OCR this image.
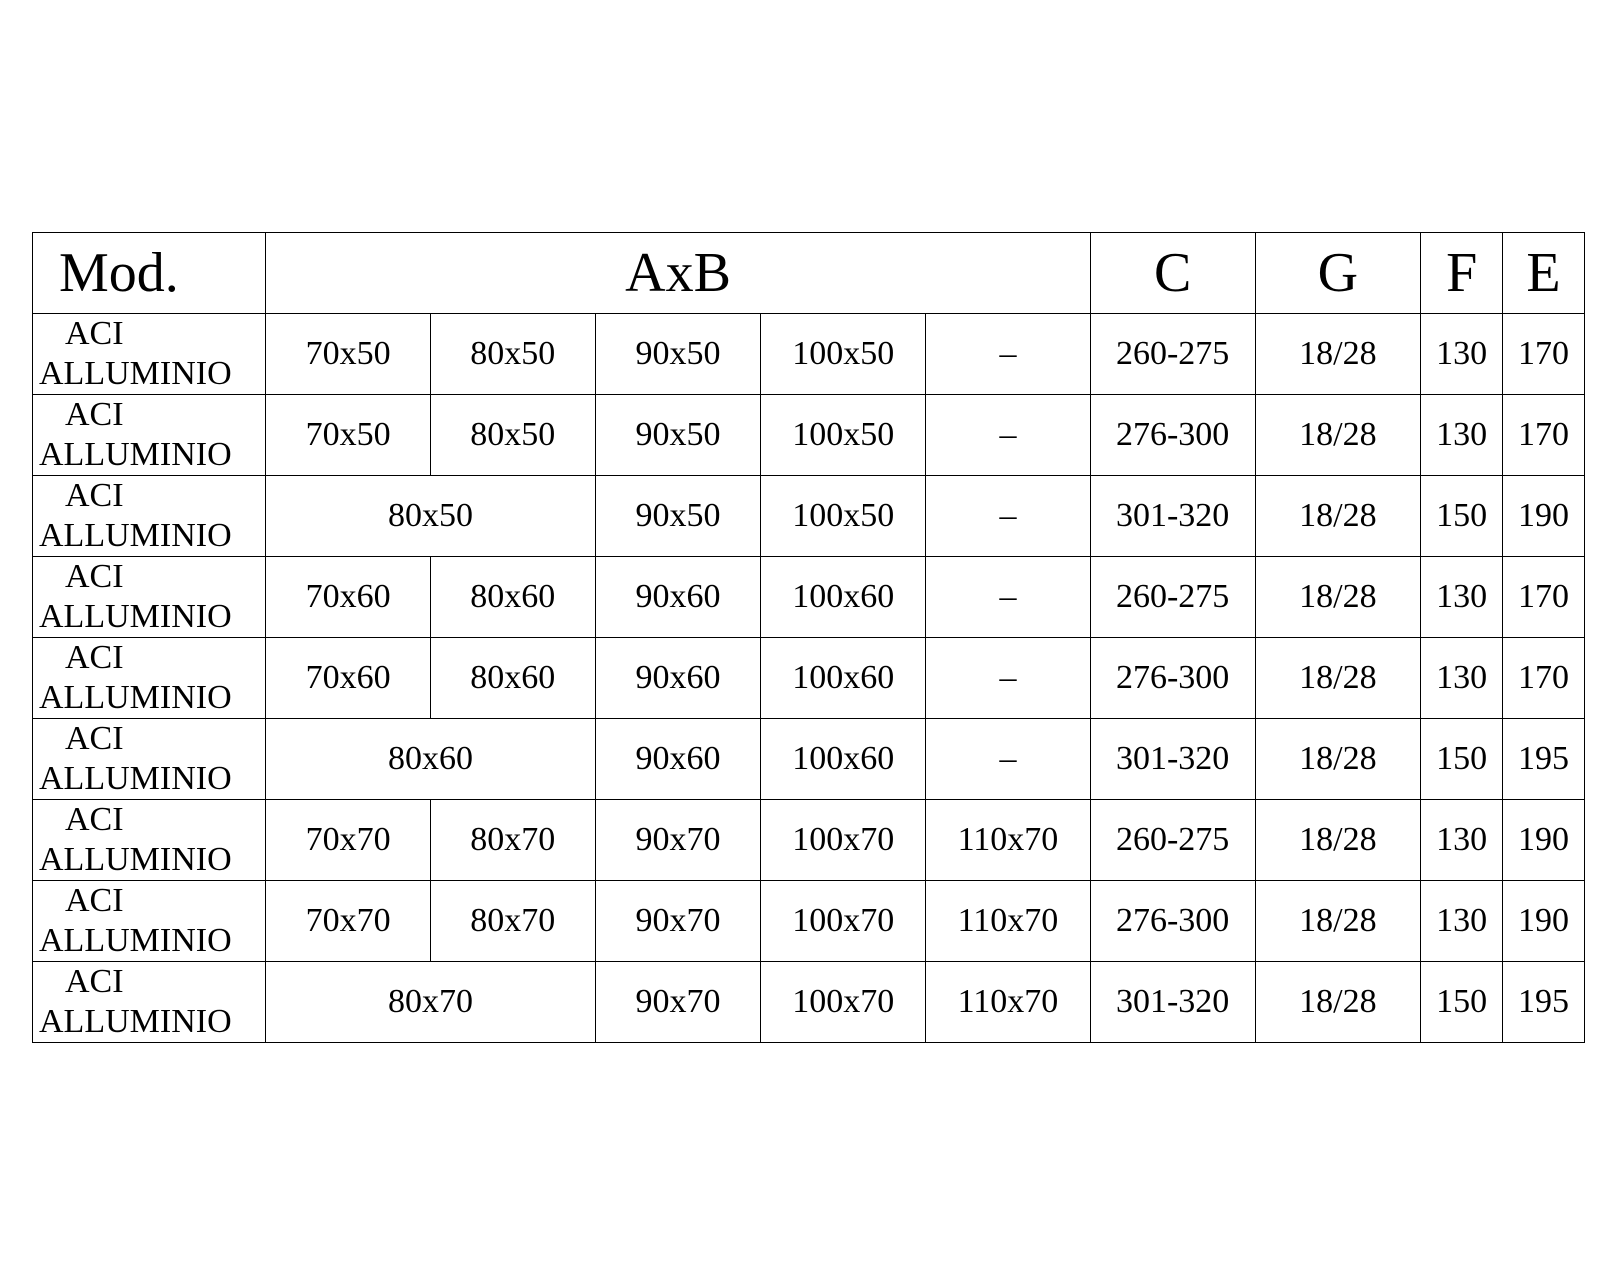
Mod.	AxB					C	G	F	E

ACI
ALLUMINIO	70x50	80x50	90x50	100x50	–	260-275	18/28	130	170

ACI
ALLUMINIO	70x50	80x50	90x50	100x50	–	276-300	18/28	130	170

ACI
ALLUMINIO	80x50		90x50	100x50	–	301-320	18/28	150	190

ACI
ALLUMINIO	70x60	80x60	90x60	100x60	–	260-275	18/28	130	170

ACI
ALLUMINIO	70x60	80x60	90x60	100x60	–	276-300	18/28	130	170

ACI
ALLUMINIO	80x60		90x60	100x60	–	301-320	18/28	150	195

ACI
ALLUMINIO	70x70	80x70	90x70	100x70	110x70	260-275	18/28	130	190

ACI
ALLUMINIO	70x70	80x70	90x70	100x70	110x70	276-300	18/28	130	190

ACI
ALLUMINIO	80x70		90x70	100x70	110x70	301-320	18/28	150	195
